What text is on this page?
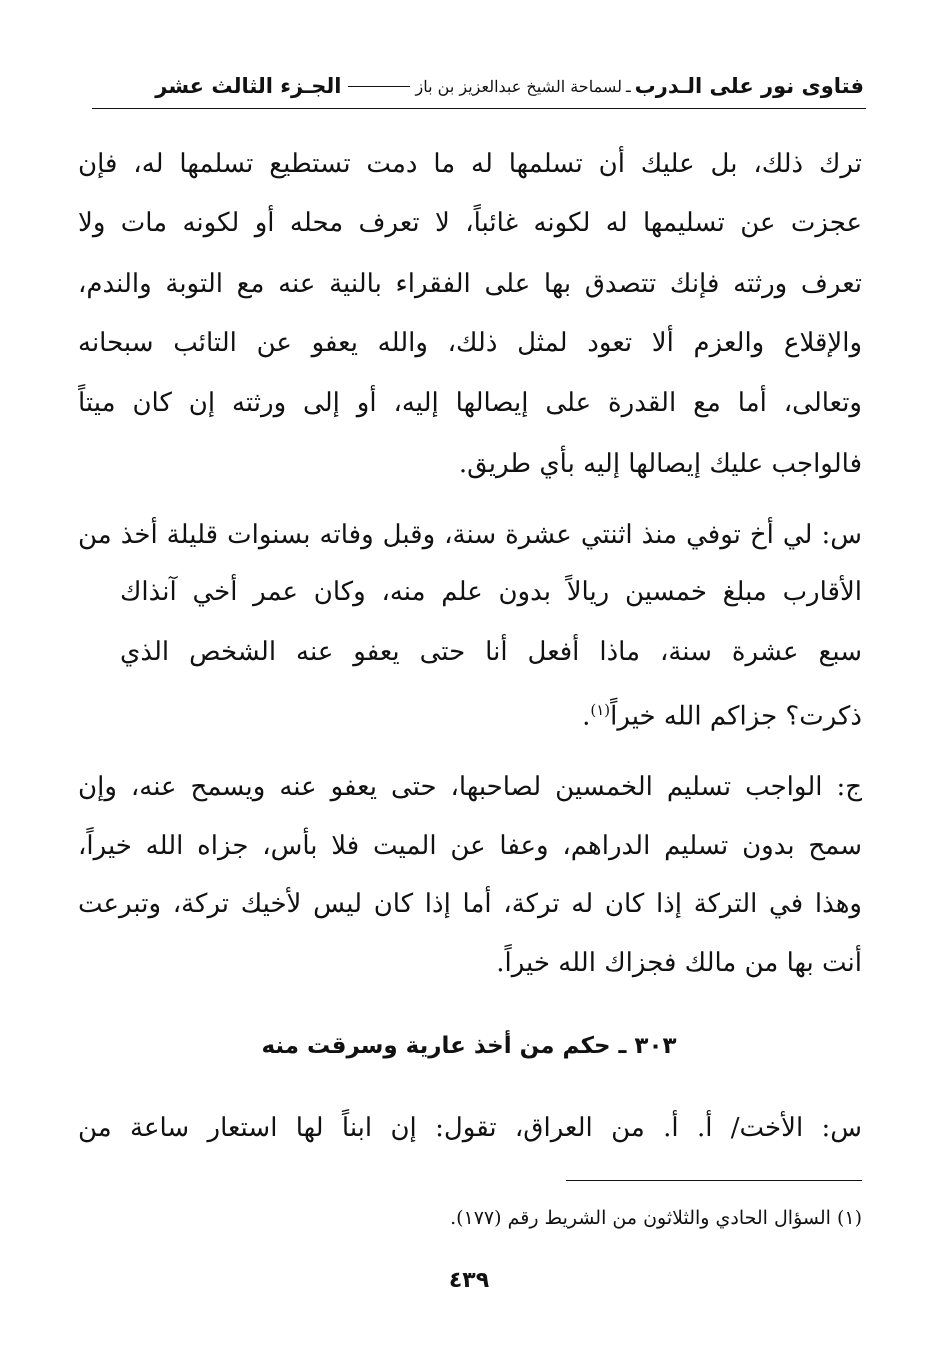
فتاوى نور على الـدرب
ـ
لسماحة الشيخ عبدالعزيز بن باز
الجـزء الثالث عشر
ترك ذلك، بل عليك أن تسلمها له ما دمت تستطيع تسلمها له، فإن
عجزت عن تسليمها له لكونه غائباً، لا تعرف محله أو لكونه مات ولا
تعرف ورثته فإنك تتصدق بها على الفقراء بالنية عنه مع التوبة والندم،
والإقلاع والعزم ألا تعود لمثل ذلك، والله يعفو عن التائب سبحانه
وتعالى، أما مع القدرة على إيصالها إليه، أو إلى ورثته إن كان ميتاً
فالواجب عليك إيصالها إليه بأي طريق.
س: لي أخ توفي منذ اثنتي عشرة سنة، وقبل وفاته بسنوات قليلة أخذ من
الأقارب مبلغ خمسين ريالاً بدون علم منه، وكان عمر أخي آنذاك
سبع عشرة سنة، ماذا أفعل أنا حتى يعفو عنه الشخص الذي
ذكرت؟ جزاكم الله خيراً$^{(١)}$.
ج: الواجب تسليم الخمسين لصاحبها، حتى يعفو عنه ويسمح عنه، وإن
سمح بدون تسليم الدراهم، وعفا عن الميت فلا بأس، جزاه الله خيراً،
وهذا في التركة إذا كان له تركة، أما إذا كان ليس لأخيك تركة، وتبرعت
أنت بها من مالك فجزاك الله خيراً.
٣٠٣ ـ حكم من أخذ عارية وسرقت منه
س: الأخت/ أ. أ. من العراق، تقول: إن ابناً لها استعار ساعة من
(١) السؤال الحادي والثلاثون من الشريط رقم (١٧٧).
٤٣٩
